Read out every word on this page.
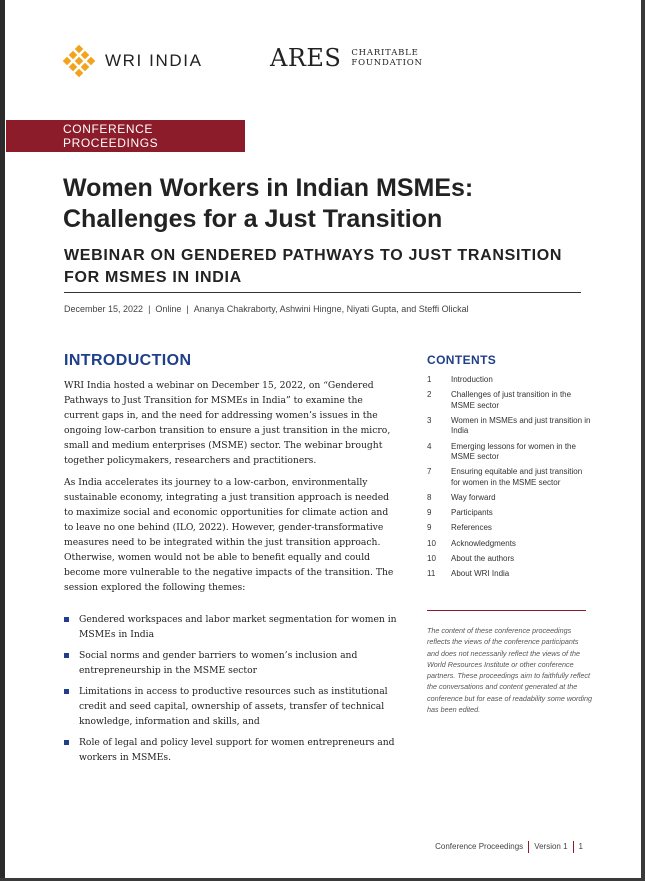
WRI INDIA	ARES CHARITABLE
FOUNDATION
CONFERENCE PROCEEDINGS
Women Workers in Indian MSMEs:
Challenges for a Just Transition
WEBINAR ON GENDERED PATHWAYS TO JUST TRANSITION
FOR MSMES IN INDIA
December 15, 2022 | Online | Ananya Chakraborty, Ashwini Hingne, Niyati Gupta, and Steffi Olickal
INTRODUCTION

WRI India hosted a webinar on December 15, 2022, on “Gendered Pathways to Just Transition for MSMEs in India” to examine the current gaps in, and the need for addressing women’s issues in the ongoing low-carbon transition to ensure a just transition in the micro, small and medium enterprises (MSME) sector. The webinar brought together policymakers, researchers and practitioners.

As India accelerates its journey to a low-carbon, environmentally sustainable economy, integrating a just transition approach is needed to maximize social and economic opportunities for climate action and to leave no one behind (ILO, 2022). However, gender-transformative measures need to be integrated within the just transition approach. Otherwise, women would not be able to benefit equally and could become more vulnerable to the negative impacts of the transition. The session explored the following themes:

Gendered workspaces and labor market segmentation for women in MSMEs in India
Social norms and gender barriers to women’s inclusion and entrepreneurship in the MSME sector
Limitations in access to productive resources such as institutional credit and seed capital, ownership of assets, transfer of technical knowledge, information and skills, and
Role of legal and policy level support for women entrepreneurs and workers in MSMEs.
CONTENTS
1	Introduction
2	Challenges of just transition in the MSME sector
3	Women in MSMEs and just transition in India
4	Emerging lessons for women in the MSME sector
7	Ensuring equitable and just transition for women in the MSME sector
8	Way forward
9	Participants
9	References
10	Acknowledgments
10	About the authors
11	About WRI India

The content of these conference proceedings reflects the views of the conference participants and does not necessarily reflect the views of the World Resources Institute or other conference partners. These proceedings aim to faithfully reflect the conversations and content generated at the conference but for ease of readability some wording has been edited.

Conference Proceedings Version 1 1
